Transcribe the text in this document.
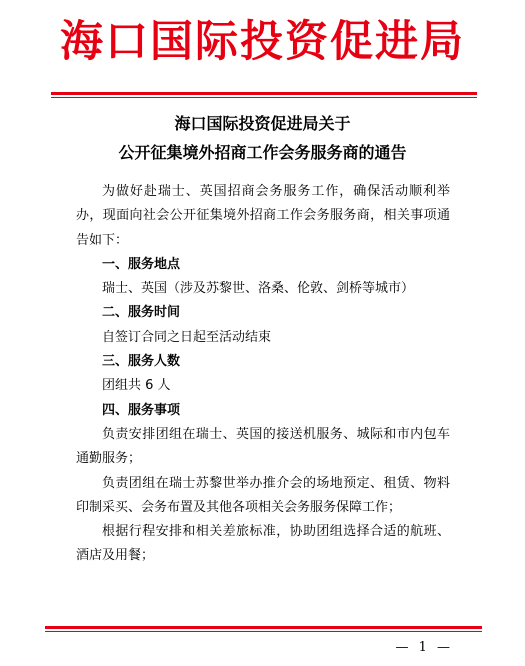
海口国际投资促进局
海口国际投资促进局关于
公开征集境外招商工作会务服务商的通告

为做好赴瑞士、英国招商会务服务工作，确保活动顺利举办，现面向社会公开征集境外招商工作会务服务商，相关事项通告如下：

一、服务地点

瑞士、英国（涉及苏黎世、洛桑、伦敦、剑桥等城市）

二、服务时间

自签订合同之日起至活动结束

三、服务人数

团组共 6 人

四、服务事项

负责安排团组在瑞士、英国的接送机服务、城际和市内包车通勤服务；

负责团组在瑞士苏黎世举办推介会的场地预定、租赁、物料印制采买、会务布置及其他各项相关会务服务保障工作；

根据行程安排和相关差旅标准，协助团组选择合适的航班、酒店及用餐；

— 1 —
